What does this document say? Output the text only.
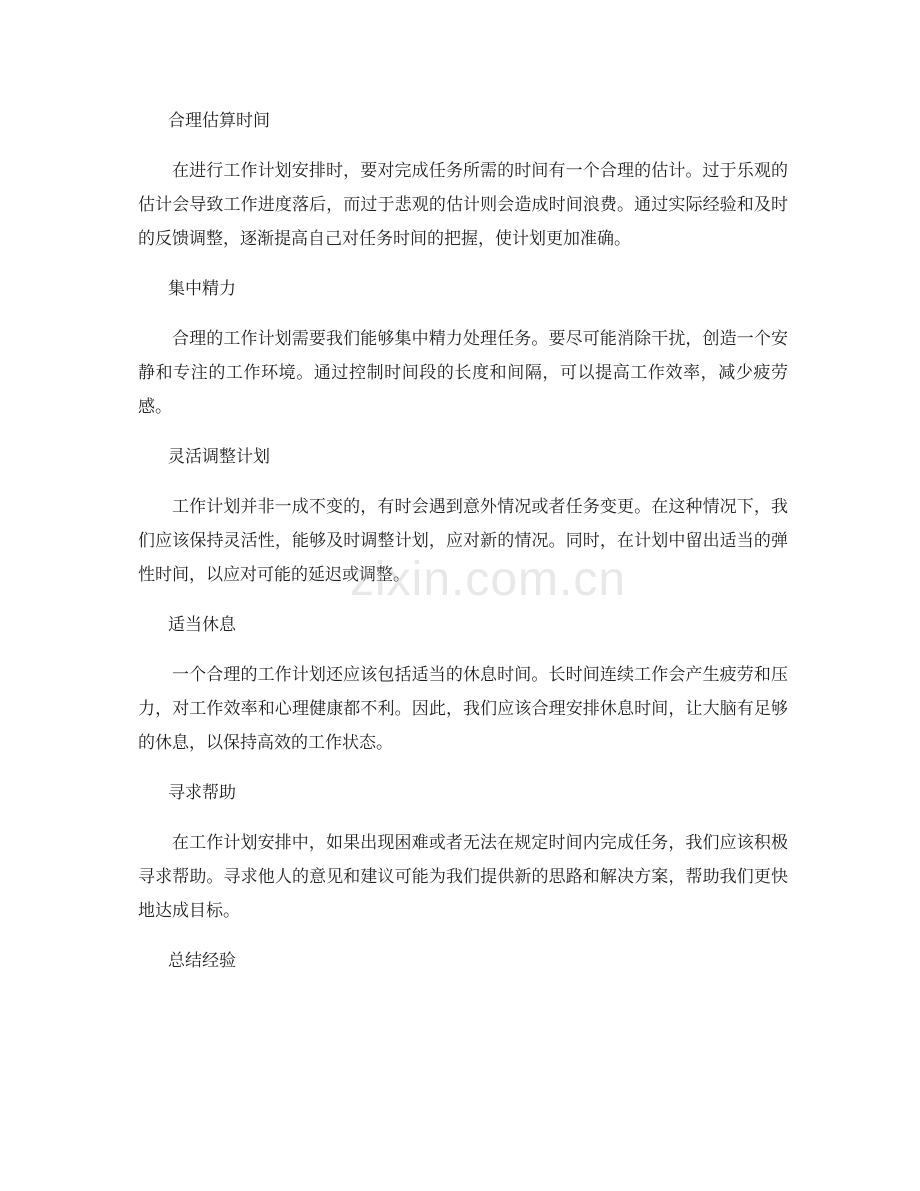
合理估算时间

在进行工作计划安排时，要对完成任务所需的时间有一个合理的估计。过于乐观的估计会导致工作进度落后，而过于悲观的估计则会造成时间浪费。通过实际经验和及时的反馈调整，逐渐提高自己对任务时间的把握，使计划更加准确。

集中精力

合理的工作计划需要我们能够集中精力处理任务。要尽可能消除干扰，创造一个安静和专注的工作环境。通过控制时间段的长度和间隔，可以提高工作效率，减少疲劳感。

灵活调整计划

工作计划并非一成不变的，有时会遇到意外情况或者任务变更。在这种情况下，我们应该保持灵活性，能够及时调整计划，应对新的情况。同时，在计划中留出适当的弹性时间，以应对可能的延迟或调整。

适当休息

一个合理的工作计划还应该包括适当的休息时间。长时间连续工作会产生疲劳和压力，对工作效率和心理健康都不利。因此，我们应该合理安排休息时间，让大脑有足够的休息，以保持高效的工作状态。

寻求帮助

在工作计划安排中，如果出现困难或者无法在规定时间内完成任务，我们应该积极寻求帮助。寻求他人的意见和建议可能为我们提供新的思路和解决方案，帮助我们更快地达成目标。

总结经验
zixin.com.cn
